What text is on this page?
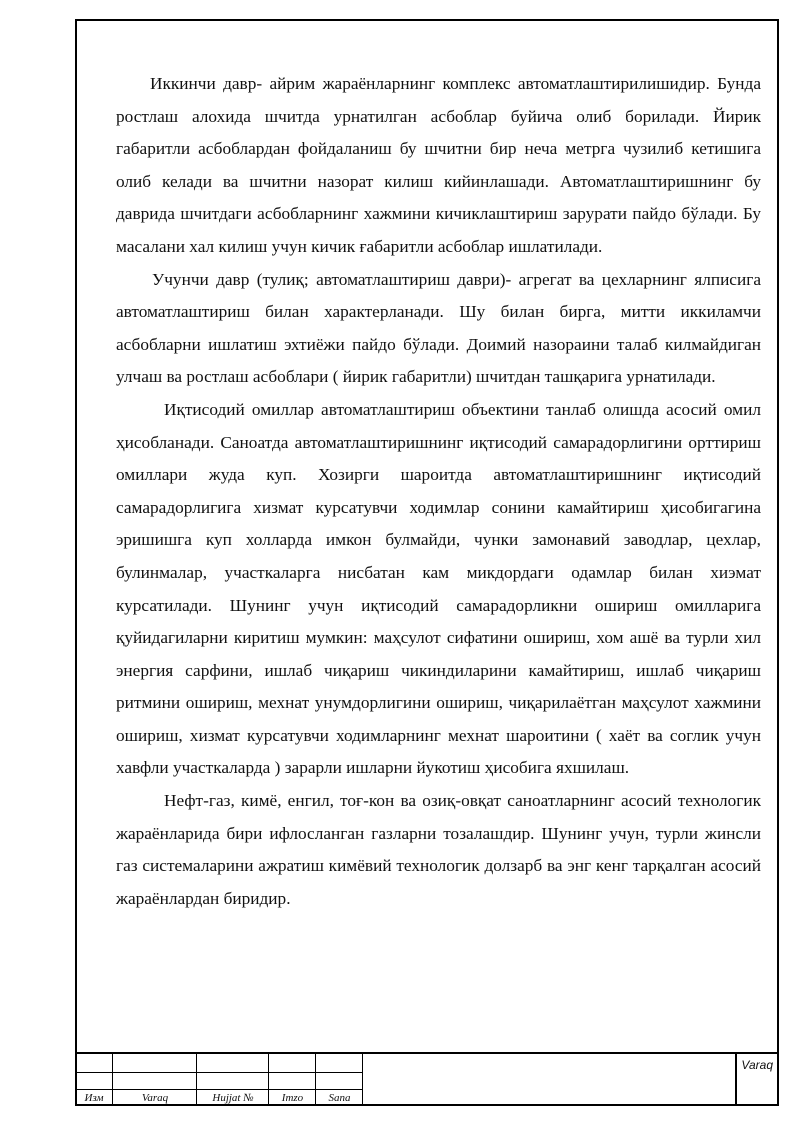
Иккинчи давр- айрим жараёнларнинг комплекс автоматлаштирилишидир. Бунда ростлаш алохида шчитда урнатилган асбоблар буйича олиб борилади. Йирик габаритли асбоблардан фойдаланиш бу шчитни бир неча метрга чузилиб кетишига олиб келади ва шчитни назорат килиш кийинлашади. Автоматлаштиришнинг бу даврида шчитдаги асбобларнинг хажмини кичиклаштириш зарурати пайдо бўлади. Бу масалани хал килиш учун кичик ғабаритли асбоблар ишлатилади.

Учунчи давр (тулиқ; автоматлаштириш даври)- агрегат ва цехларнинг ялписига автоматлаштириш билан характерланади. Шу билан бирга, митти иккиламчи асбобларни ишлатиш эхтиёжи пайдо бўлади. Доимий назораини талаб килмайдиган улчаш ва ростлаш асбоблари ( йирик габаритли) шчитдан ташқарига урнатилади.

Иқтисодий омиллар автоматлаштириш объектини танлаб олишда асосий омил ҳисобланади. Саноатда автоматлаштиришнинг иқтисодий самарадорлигини орттириш омиллари жуда куп. Хозирги шароитда автоматлаштиришнинг иқтисодий самарадорлигига хизмат курсатувчи ходимлар сонини камайтириш ҳисобигагина эришишга куп холларда имкон булмайди, чунки замонавий заводлар, цехлар, булинмалар, участкаларга нисбатан кам микдордаги одамлар билан хиэмат курсатилади. Шунинг учун иқтисодий самарадорликни ошириш омилларига қуйидагиларни киритиш мумкин: маҳсулот сифатини ошириш, хом ашё ва турли хил энергия сарфини, ишлаб чиқариш чикиндиларини камайтириш, ишлаб чиқариш ритмини ошириш, мехнат унумдорлигини ошириш, чиқарилаётган маҳсулот хажмини ошириш, хизмат курсатувчи ходимларнинг мехнат шароитини ( хаёт ва соглик учун хавфли участкаларда ) зарарли ишларни йукотиш ҳисобига яхшилаш.

Нефт-газ, кимё, енгил, тоғ-кон ва озиқ-овқат саноатларнинг асосий технологик жараёнларида бири ифлосланган газларни тозалашдир. Шунинг учун, турли жинсли газ системаларини ажратиш кимёвий технологик долзарб ва энг кенг тарқалган асосий жараёнлардан биридир.

Изм	Varaq	Hujjat №	Imzo	Sana
Varaq
